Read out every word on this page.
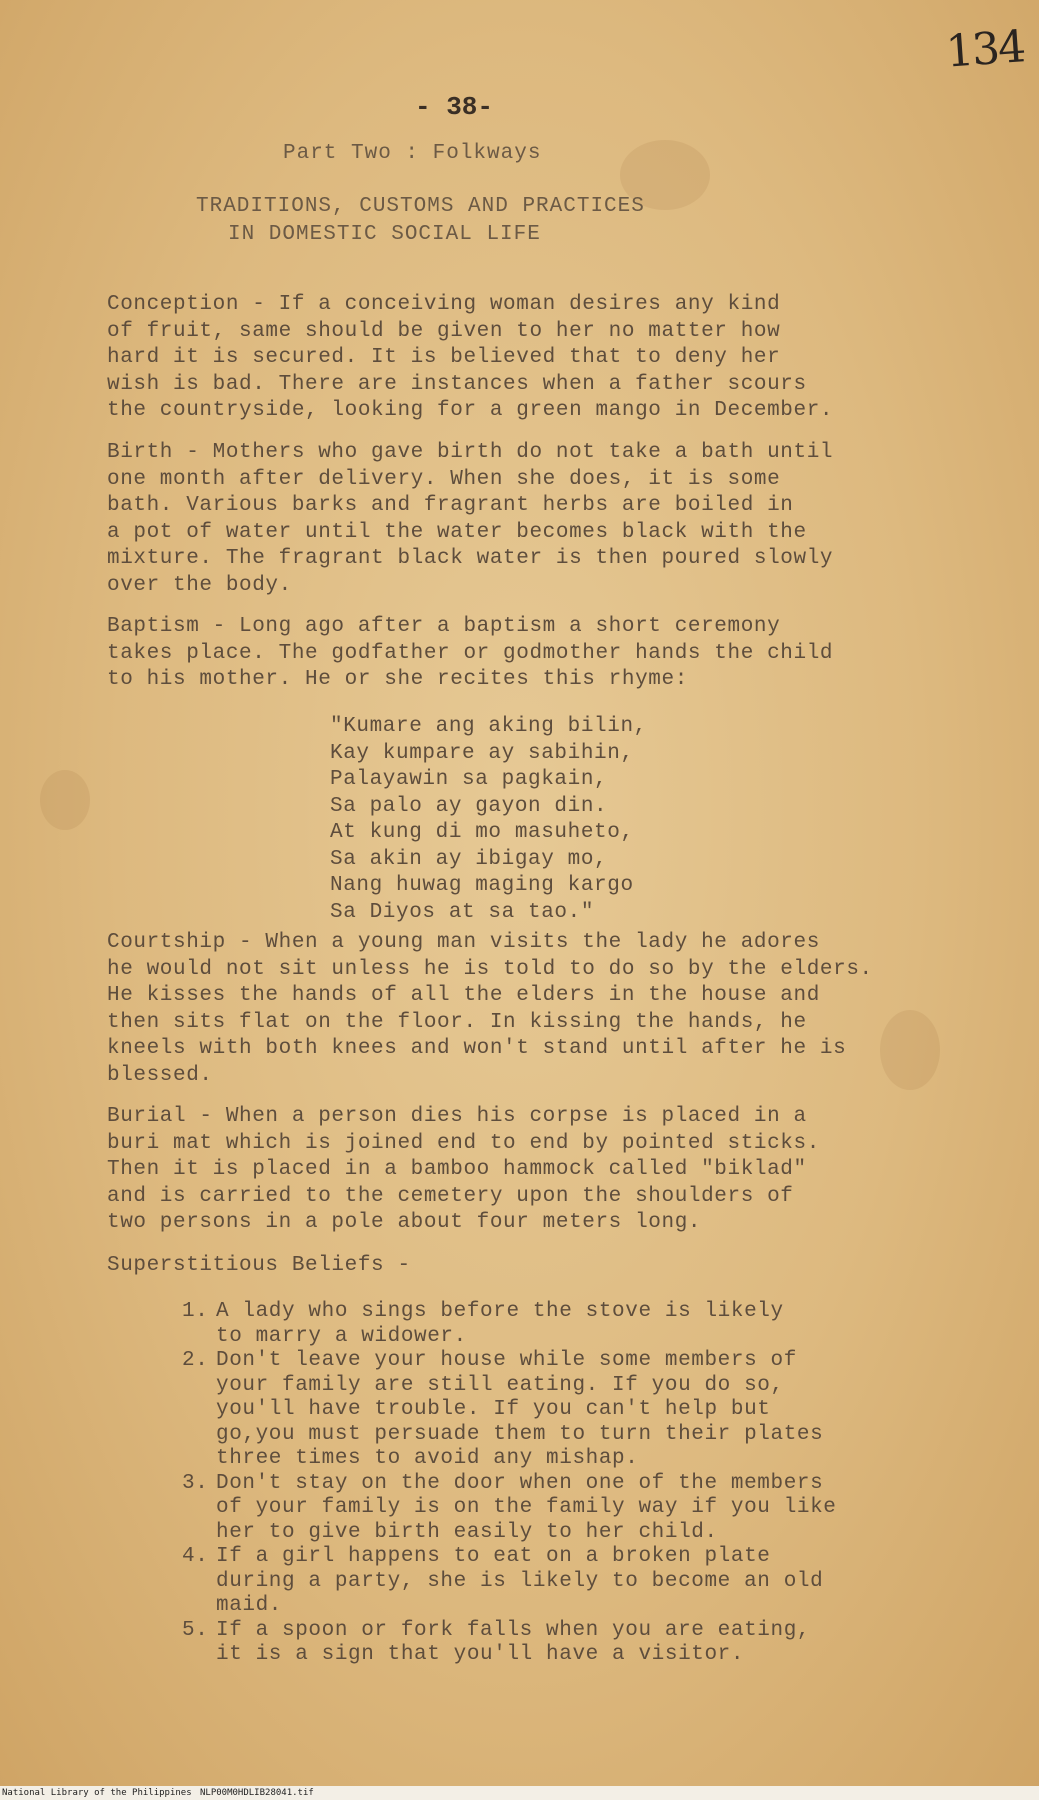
134
- 38-
Part Two : Folkways
TRADITIONS, CUSTOMS AND PRACTICES
IN DOMESTIC SOCIAL LIFE
Conception - If a conceiving woman desires any kind
of fruit, same should be given to her no matter how
hard it is secured. It is believed that to deny her
wish is bad. There are instances when a father scours
the countryside, looking for a green mango in December.
Birth - Mothers who gave birth do not take a bath until
one month after delivery. When she does, it is some
bath. Various barks and fragrant herbs are boiled in
a pot of water until the water becomes black with the
mixture. The fragrant black water is then poured slowly
over the body.
Baptism - Long ago after a baptism a short ceremony
takes place. The godfather or godmother hands the child
to his mother. He or she recites this rhyme:
"Kumare ang aking bilin,
Kay kumpare ay sabihin,
Palayawin sa pagkain,
Sa palo ay gayon din.
At kung di mo masuheto,
Sa akin ay ibigay mo,
Nang huwag maging kargo
Sa Diyos at sa tao."
Courtship - When a young man visits the lady he adores
he would not sit unless he is told to do so by the elders.
He kisses the hands of all the elders in the house and
then sits flat on the floor. In kissing the hands, he
kneels with both knees and won't stand until after he is
blessed.
Burial - When a person dies his corpse is placed in a
buri mat which is joined end to end by pointed sticks.
Then it is placed in a bamboo hammock called "biklad"
and is carried to the cemetery upon the shoulders of
two persons in a pole about four meters long.
Superstitious Beliefs -
1. A lady who sings before the stove is likely
to marry a widower.
2. Don't leave your house while some members of
your family are still eating. If you do so,
you'll have trouble. If you can't help but
go,you must persuade them to turn their plates
three times to avoid any mishap.
3. Don't stay on the door when one of the members
of your family is on the family way if you like
her to give birth easily to her child.
4. If a girl happens to eat on a broken plate
during a party, she is likely to become an old
maid.
5. If a spoon or fork falls when you are eating,
it is a sign that you'll have a visitor.
National Library of the Philippines NLP00M0HDLIB28041.tif
